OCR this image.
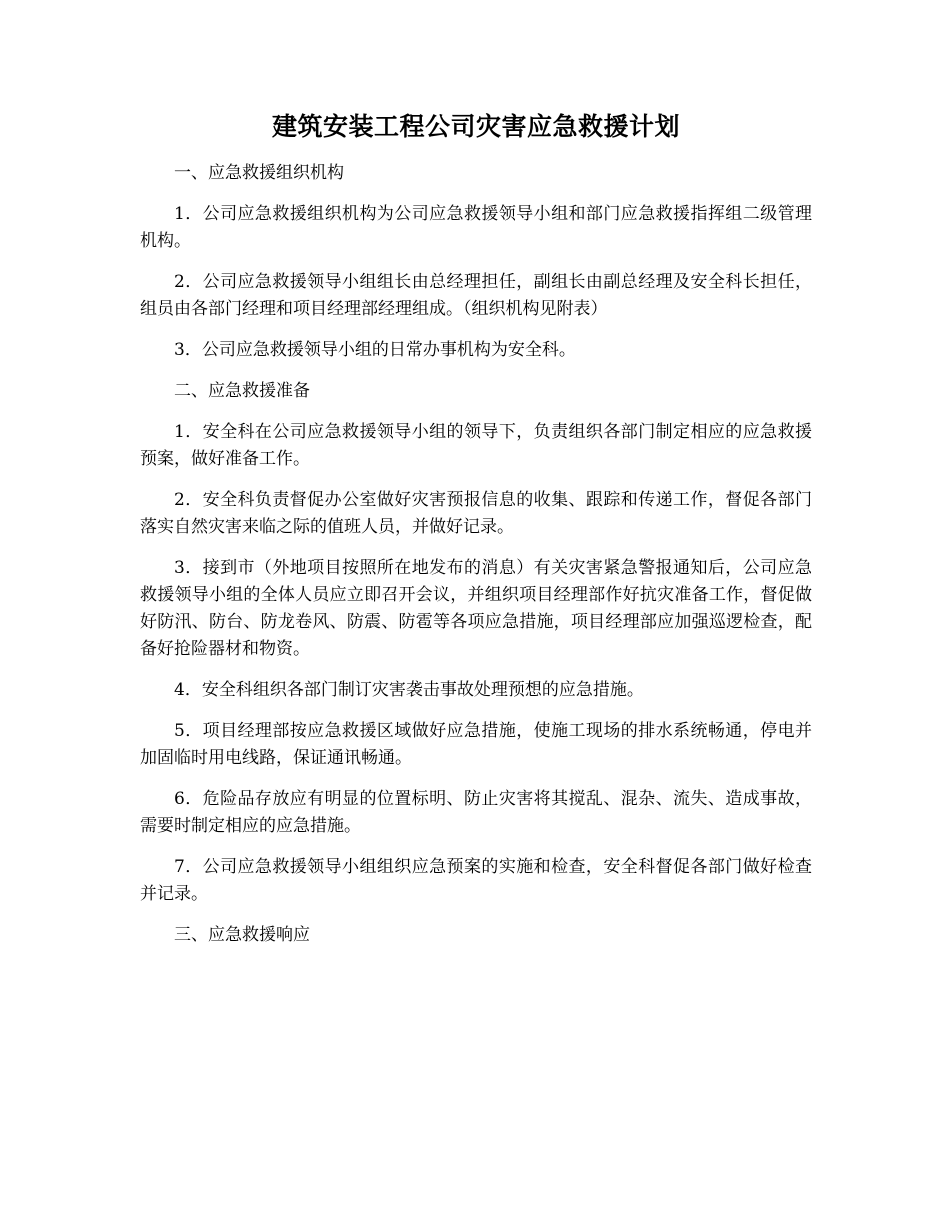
建筑安装工程公司灾害应急救援计划

一、应急救援组织机构

1．公司应急救援组织机构为公司应急救援领导小组和部门应急救援指挥组二级管理机构。

2．公司应急救援领导小组组长由总经理担任，副组长由副总经理及安全科长担任，组员由各部门经理和项目经理部经理组成。（组织机构见附表）

3．公司应急救援领导小组的日常办事机构为安全科。

二、应急救援准备

1．安全科在公司应急救援领导小组的领导下，负责组织各部门制定相应的应急救援预案，做好准备工作。

2．安全科负责督促办公室做好灾害预报信息的收集、跟踪和传递工作，督促各部门落实自然灾害来临之际的值班人员，并做好记录。

3．接到市（外地项目按照所在地发布的消息）有关灾害紧急警报通知后，公司应急救援领导小组的全体人员应立即召开会议，并组织项目经理部作好抗灾准备工作，督促做好防汛、防台、防龙卷风、防震、防雹等各项应急措施，项目经理部应加强巡逻检查，配备好抢险器材和物资。

4．安全科组织各部门制订灾害袭击事故处理预想的应急措施。

5．项目经理部按应急救援区域做好应急措施，使施工现场的排水系统畅通，停电并加固临时用电线路，保证通讯畅通。

6．危险品存放应有明显的位置标明、防止灾害将其搅乱、混杂、流失、造成事故，需要时制定相应的应急措施。

7．公司应急救援领导小组组织应急预案的实施和检查，安全科督促各部门做好检查并记录。

三、应急救援响应
